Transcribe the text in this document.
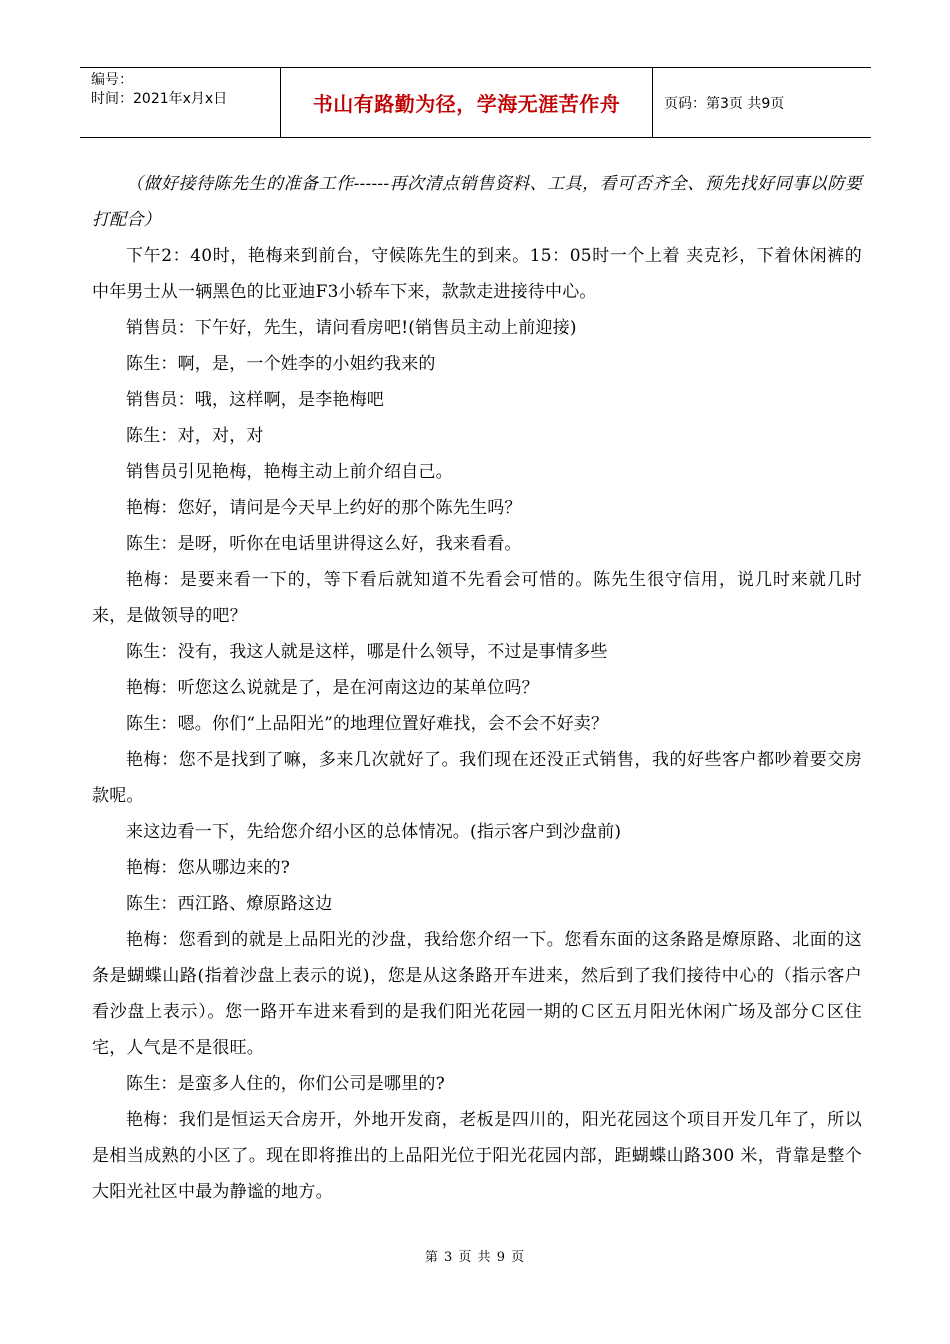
编号：
时间：2021年x月x日	书山有路勤为径，学海无涯苦作舟	页码：第3页 共9页

（做好接待陈先生的准备工作------再次清点销售资料、工具，看可否齐全、预先找好同事以防要打配合）

下午2：40时，艳梅来到前台，守候陈先生的到来。15：05时一个上着 夹克衫，下着休闲裤的中年男士从一辆黑色的比亚迪F3小轿车下来，款款走进接待中心。

销售员：下午好，先生，请问看房吧!(销售员主动上前迎接)

陈生：啊，是，一个姓李的小姐约我来的

销售员：哦，这样啊，是李艳梅吧

陈生：对，对，对

销售员引见艳梅，艳梅主动上前介绍自己。

艳梅：您好，请问是今天早上约好的那个陈先生吗？

陈生：是呀，听你在电话里讲得这么好，我来看看。

艳梅：是要来看一下的，等下看后就知道不先看会可惜的。陈先生很守信用，说几时来就几时来，是做领导的吧？

陈生：没有，我这人就是这样，哪是什么领导，不过是事情多些

艳梅：听您这么说就是了，是在河南这边的某单位吗？

陈生：嗯。你们“上品阳光”的地理位置好难找，会不会不好卖？

艳梅：您不是找到了嘛，多来几次就好了。我们现在还没正式销售，我的好些客户都吵着要交房款呢。

来这边看一下，先给您介绍小区的总体情况。(指示客户到沙盘前)

艳梅：您从哪边来的?

陈生：西江路、燎原路这边

艳梅：您看到的就是上品阳光的沙盘，我给您介绍一下。您看东面的这条路是燎原路、北面的这条是蝴蝶山路(指着沙盘上表示的说)，您是从这条路开车进来，然后到了我们接待中心的（指示客户看沙盘上表示）。您一路开车进来看到的是我们阳光花园一期的Ｃ区五月阳光休闲广场及部分Ｃ区住宅，人气是不是很旺。

陈生：是蛮多人住的，你们公司是哪里的?

艳梅：我们是恒运天合房开，外地开发商，老板是四川的，阳光花园这个项目开发几年了，所以是相当成熟的小区了。现在即将推出的上品阳光位于阳光花园内部，距蝴蝶山路300 米，背靠是整个大阳光社区中最为静谧的地方。

第 3 页 共 9 页
